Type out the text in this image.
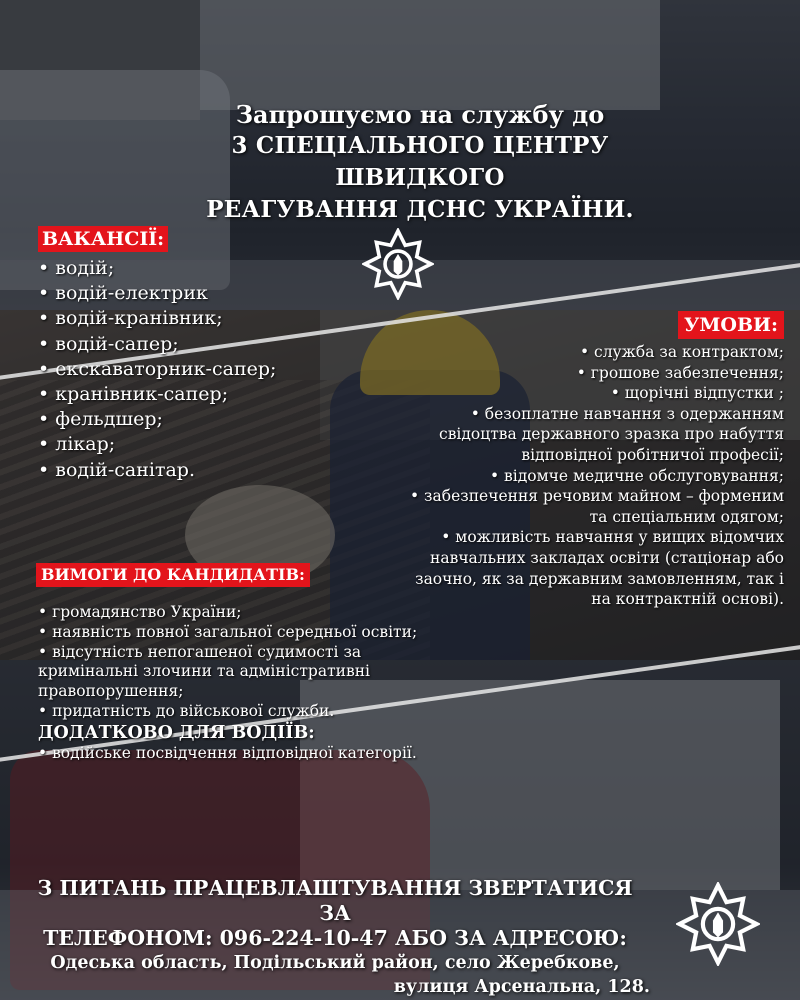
Запрошуємо на службу до
3 СПЕЦІАЛЬНОГО ЦЕНТРУ ШВИДКОГО
РЕАГУВАННЯ ДСНС УКРАЇНИ.
ВАКАНСІЇ:
• водій;
• водій-електрик
• водій-кранівник;
• водій-сапер;
• екскаваторник-сапер;
• кранівник-сапер;
• фельдшер;
• лікар;
• водій-санітар.
УМОВИ:
• служба за контрактом;
• грошове забезпечення;
• щорічні відпустки ;
• безоплатне навчання з одержанням свідоцтва державного зразка про набуття відповідної робітничої професії;
• відомче медичне обслуговування;
• забезпечення речовим майном – форменим та спеціальним одягом;
• можливість навчання у вищих відомчих навчальних закладах освіти (стаціонар або заочно, як за державним замовленням, так і на контрактній основі).
ВИМОГИ ДО КАНДИДАТІВ:
• громадянство України;
• наявність повної загальної середньої освіти;
• відсутність непогашеної судимості за кримінальні злочини та адміністративні правопорушення;
• придатність до військової служби.
ДОДАТКОВО ДЛЯ ВОДІЇВ:
• водійське посвідчення відповідної категорії.
З ПИТАНЬ ПРАЦЕВЛАШТУВАННЯ ЗВЕРТАТИСЯ ЗА
ТЕЛЕФОНОМ: 096-224-10-47 АБО ЗА АДРЕСОЮ:
Одеська область, Подільський район, село Жеребкове,
вулиця Арсенальна, 128.
